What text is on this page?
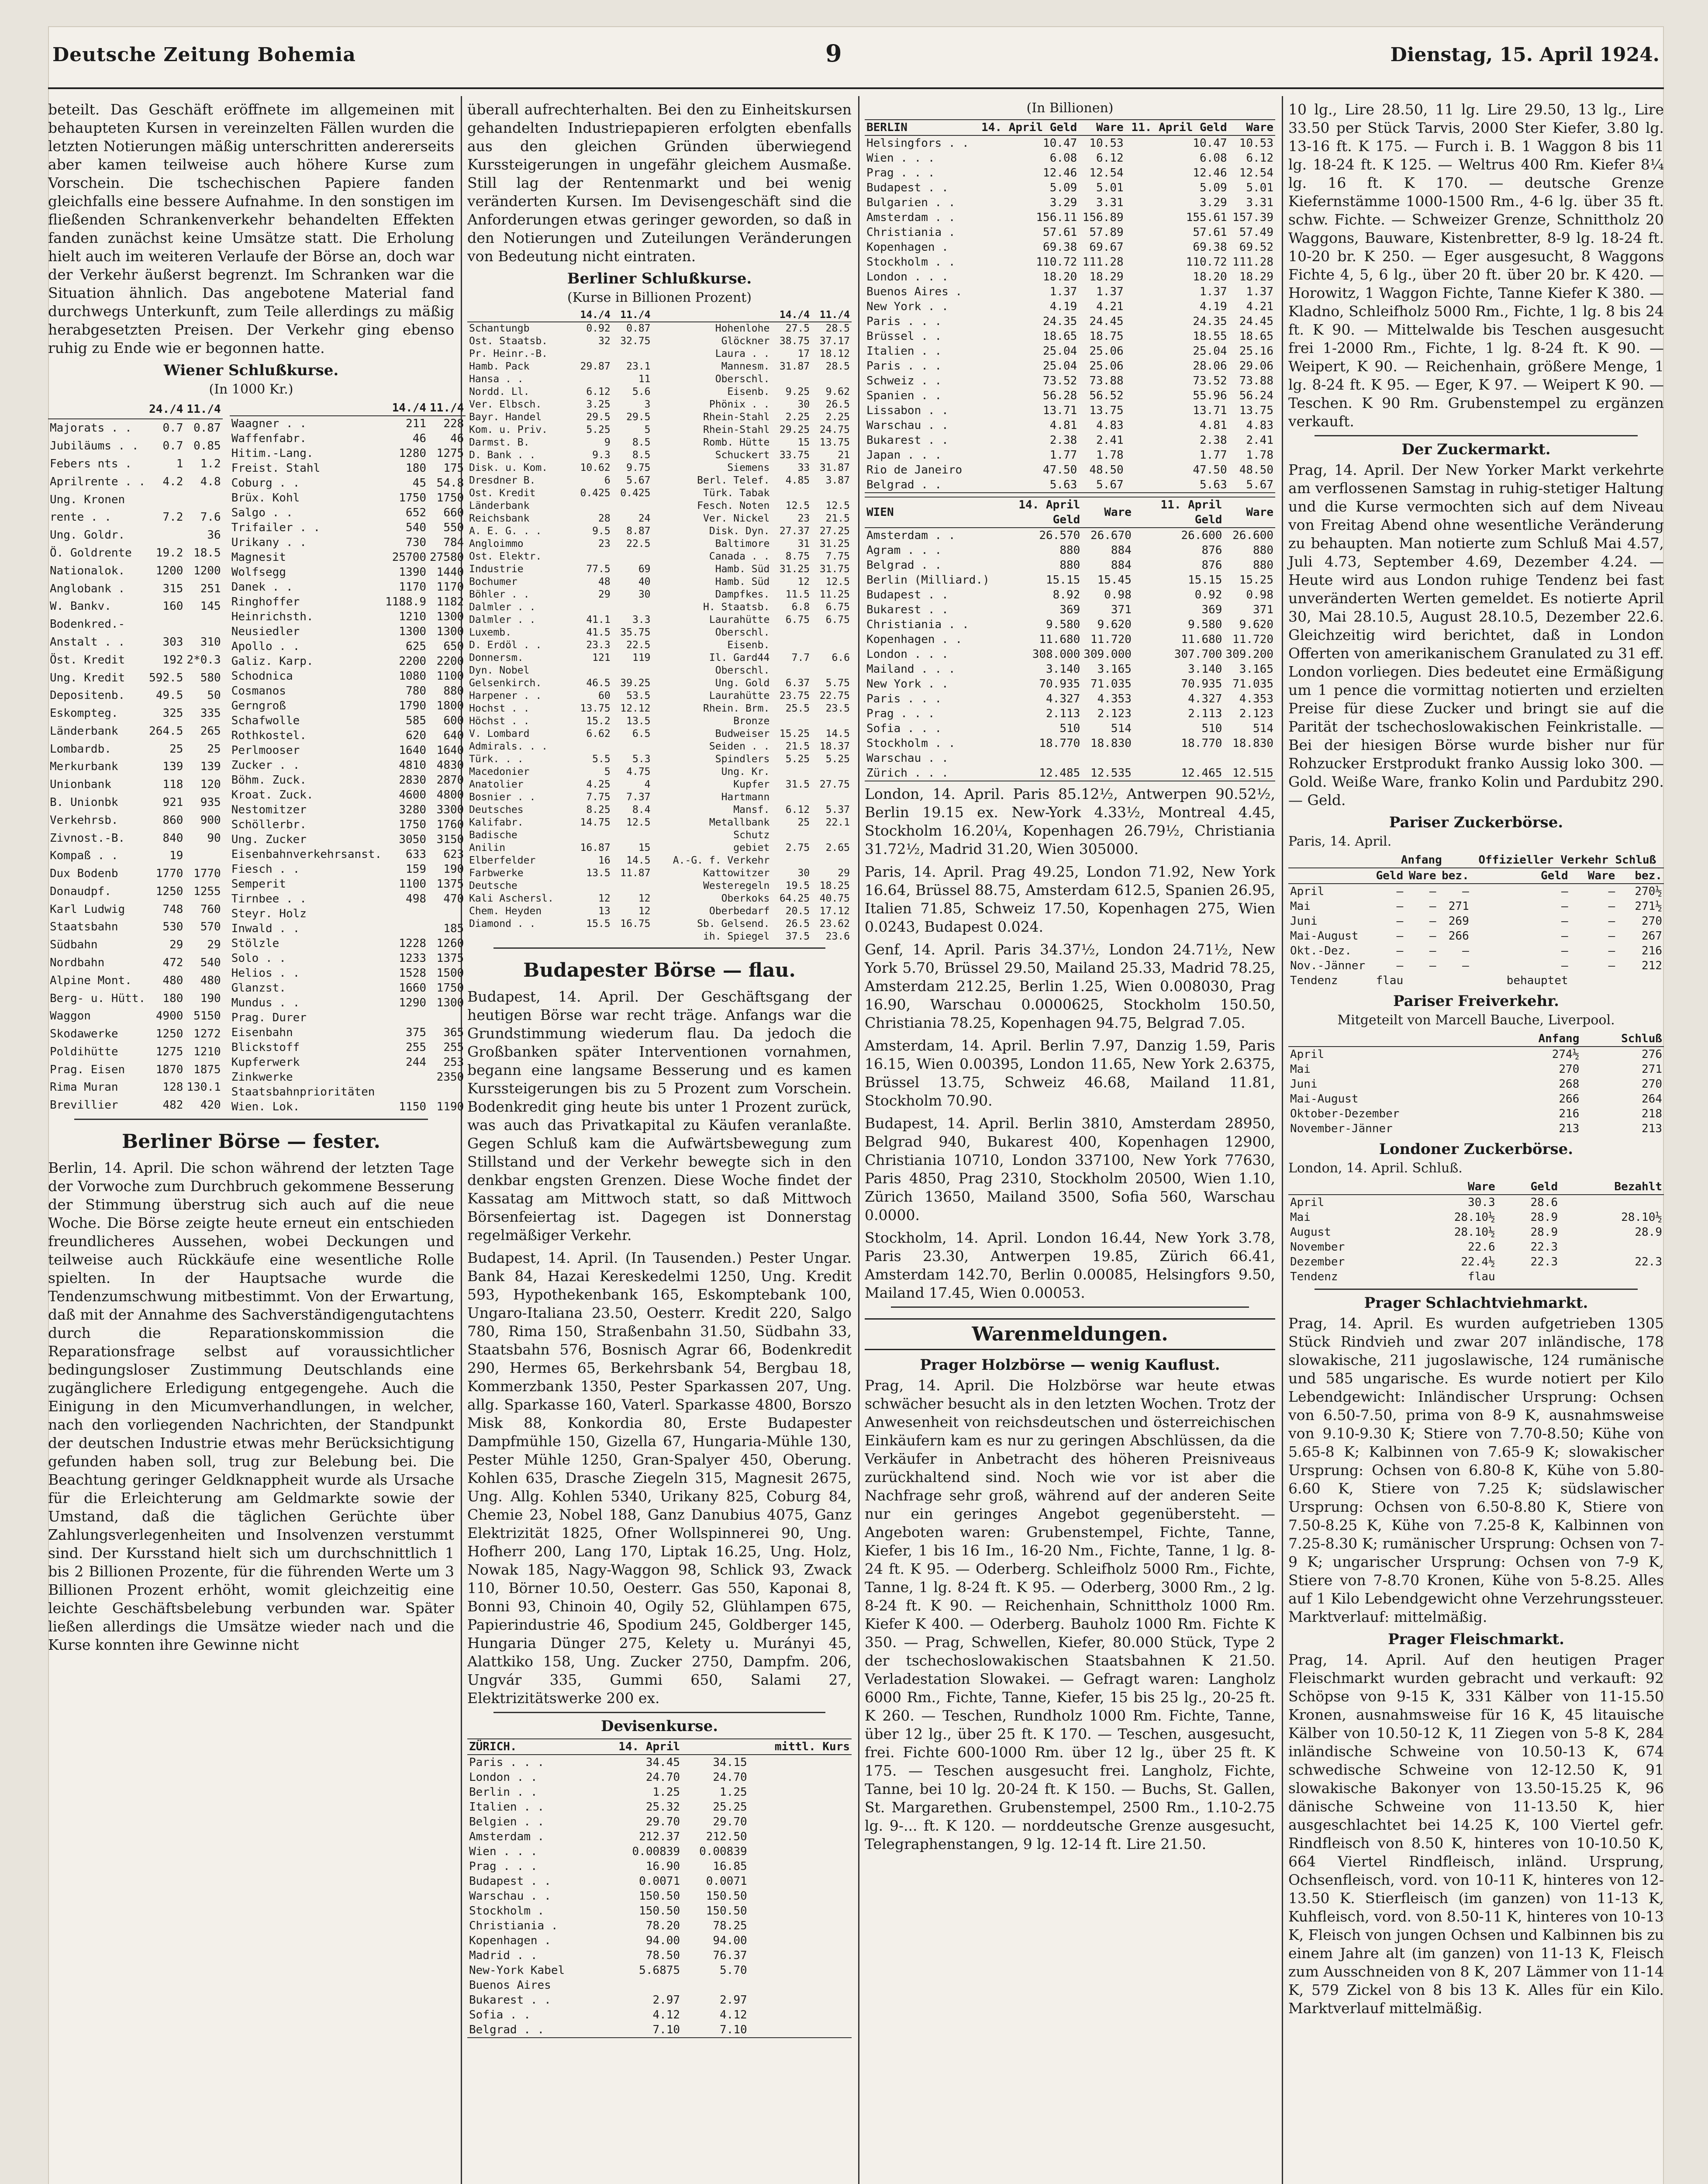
Deutsche Zeitung Bohemia	9	Dienstag, 15. April 1924.

beteilt. Das Geschäft eröffnete im allgemeinen mit behaupteten Kursen in vereinzelten Fällen wurden die letzten Notierungen mäßig unterschritten andererseits aber kamen teilweise auch höhere Kurse zum Vorschein. Die tschechischen Papiere fanden gleichfalls eine bessere Aufnahme. In den sonstigen im fließenden Schrankenverkehr behandelten Effekten fanden zunächst keine Umsätze statt. Die Erholung hielt auch im weiteren Verlaufe der Börse an, doch war der Verkehr äußerst begrenzt. Im Schranken war die Situation ähnlich. Das angebotene Material fand durchwegs Unterkunft, zum Teile allerdings zu mäßig herabgesetzten Preisen. Der Verkehr ging ebenso ruhig zu Ende wie er begonnen hatte.

Wiener Schlußkurse.
(In 1000 Kr.)
	24./4	11./4
Majorats . .	0.7	0.87
Jubiläums . .	0.7	0.85
Febers nts .	1	1.2
Aprilrente . .	4.2	4.8
Ung. Kronen		
rente . .	7.2	7.6
Ung. Goldr.		36
Ö. Goldrente	19.2	18.5
Nationalok.	1200	1200
Anglobank .	315	251
W. Bankv.	160	145
Bodenkred.-		
Anstalt . .	303	310
Öst. Kredit	192	2*0.3
Ung. Kredit	592.5	580
Depositenb.	49.5	50
Eskompteg.	325	335
Länderbank	264.5	265
Lombardb.	25	25
Merkurbank	139	139
Unionbank	118	120
B. Unionbk	921	935
Verkehrsb.	860	900
Zivnost.-B.	840	90
Kompaß . .	19	
Dux Bodenb	1770	1770
Donaudpf.	1250	1255
Karl Ludwig	748	760
Staatsbahn	530	570
Südbahn	29	29
Nordbahn	472	540
Alpine Mont.	480	480
Berg- u. Hütt.	180	190
Waggon	4900	5150
Skodawerke	1250	1272
Poldihütte	1275	1210
Prag. Eisen	1870	1875
Rima Muran	128	130.1
Brevillier	482	420
	14./4	11./4
Waagner . .	211	228
Waffenfabr.	46	46
Hitim.-Lang.	1280	1275
Freist. Stahl	180	175
Coburg . .	45	54.8
Brüx. Kohl	1750	1750
Salgo . .	652	660
Trifailer . .	540	550
Urikany . .	730	784
Magnesit	25700	27580
Wolfsegg	1390	1440
Danek . .	1170	1170
Ringhoffer	1188.9	1182
Heinrichsth.	1210	1300
Neusiedler	1300	1300
Apollo . .	625	650
Galiz. Karp.	2200	2200
Schodnica	1080	1100
Cosmanos	780	880
Gerngroß	1790	1800
Schafwolle	585	600
Rothkostel.	620	640
Perlmooser	1640	1640
Zucker . .	4810	4830
Böhm. Zuck.	2830	2870
Kroat. Zuck.	4600	4800
Nestomitzer	3280	3300
Schöllerbr.	1750	1760
Ung. Zucker	3050	3150
Eisenbahnverkehrsanst.	633	623
Fiesch . .	159	190
Semperit	1100	1375
Tirnbee . .	498	470
Steyr. Holz		
Inwald . .		185
Stölzle	1228	1260
Solo . .	1233	1375
Helios . .	1528	1500
Glanzst.	1660	1750
Mundus . .	1290	1300
Prag. Durer		
Eisenbahn	375	365
Blickstoff	255	255
Kupferwerk	244	253
Zinkwerke		2350
Staatsbahnprioritäten		
Wien. Lok.	1150	1190
Berliner Börse — fester.

Berlin, 14. April. Die schon während der letzten Tage der Vorwoche zum Durchbruch gekommene Besserung der Stimmung überstrug sich auch auf die neue Woche. Die Börse zeigte heute erneut ein entschieden freundlicheres Aussehen, wobei Deckungen und teilweise auch Rückkäufe eine wesentliche Rolle spielten. In der Hauptsache wurde die Tendenzumschwung mitbestimmt. Von der Erwartung, daß mit der Annahme des Sachverständigengutachtens durch die Reparationskommission die Reparationsfrage selbst auf voraussichtlicher bedingungsloser Zustimmung Deutschlands eine zugänglichere Erledigung entgegengehe. Auch die Einigung in den Micumverhandlungen, in welcher, nach den vorliegenden Nachrichten, der Standpunkt der deutschen Industrie etwas mehr Berücksichtigung gefunden haben soll, trug zur Belebung bei. Die Beachtung geringer Geldknappheit wurde als Ursache für die Erleichterung am Geldmarkte sowie der Umstand, daß die täglichen Gerüchte über Zahlungsverlegenheiten und Insolvenzen verstummt sind. Der Kursstand hielt sich um durchschnittlich 1 bis 2 Billionen Prozente, für die führenden Werte um 3 Billionen Prozent erhöht, womit gleichzeitig eine leichte Geschäftsbelebung verbunden war. Später ließen allerdings die Umsätze wieder nach und die Kurse konnten ihre Gewinne nicht

überall aufrechterhalten. Bei den zu Einheitskursen gehandelten Industriepapieren erfolgten ebenfalls aus den gleichen Gründen überwiegend Kurssteigerungen in ungefähr gleichem Ausmaße. Still lag der Rentenmarkt und bei wenig veränderten Kursen. Im Devisengeschäft sind die Anforderungen etwas geringer geworden, so daß in den Notierungen und Zuteilungen Veränderungen von Bedeutung nicht eintraten.

Berliner Schlußkurse.
(Kurse in Billionen Prozent)
	14./4	11./4		14./4	11./4
Schantungb	0.92	0.87	Hohenlohe	27.5	28.5
Ost. Staatsb.	32	32.75	Glöckner	38.75	37.17
Pr. Heinr.-B.			Laura . .	17	18.12
Hamb. Pack	29.87	23.1	Mannesm.	31.87	28.5
Hansa . .		11	Oberschl.		
Nordd. Ll.	6.12	5.6	Eisenb.	9.25	9.62
Ver. Elbsch.	3.25	3	Phönix . .	30	26.5
Bayr. Handel	29.5	29.5	Rhein-Stahl	2.25	2.25
Kom. u. Priv.	5.25	5	Rhein-Stahl	29.25	24.75
Darmst. B.	9	8.5	Romb. Hütte	15	13.75
D. Bank . .	9.3	8.5	Schuckert	33.75	21
Disk. u. Kom.	10.62	9.75	Siemens	33	31.87
Dresdner B.	6	5.67	Berl. Telef.	4.85	3.87
Ost. Kredit	0.425	0.425	Türk. Tabak		
Länderbank			Fesch. Noten	12.5	12.5
Reichsbank	28	24	Ver. Nickel	23	21.5
A. E. G. . .	9.5	8.87	Disk. Dyn.	27.37	27.25
Angloimmo	23	22.5	Baltimore	31	31.25
Ost. Elektr.			Canada . .	8.75	7.75
Industrie	77.5	69	Hamb. Süd	31.25	31.75
Bochumer	48	40	Hamb. Süd	12	12.5
Böhler . .	29	30	Dampfkes.	11.5	11.25
Dalmler . .			H. Staatsb.	6.8	6.75
Dalmler . .	41.1	3.3	Laurahütte	6.75	6.75
Luxemb.	41.5	35.75	Oberschl.		
D. Erdöl . .	23.3	22.5	Eisenb.		
Donnersm.	121	119	Il. Gard44	7.7	6.6
Dyn. Nobel			Oberschl.		
Gelsenkirch.	46.5	39.25	Ung. Gold	6.37	5.75
Harpener . .	60	53.5	Laurahütte	23.75	22.75
Hochst . .	13.75	12.12	Rhein. Brm.	25.5	23.5
Höchst . .	15.2	13.5	Bronze		
V. Lombard	6.62	6.5	Budweiser	15.25	14.5
Admirals. . .			Seiden . .	21.5	18.37
Türk. . .	5.5	5.3	Spindlers	5.25	5.25
Macedonier	5	4.75	Ung. Kr.		
Anatolier	4.25	4	Kupfer	31.5	27.75
Bosnier . .	7.75	7.37	Hartmann		
Deutsches	8.25	8.4	Mansf.	6.12	5.37
Kalifabr.	14.75	12.5	Metallbank	25	22.1
Badische			Schutz		
Anilin	16.87	15	gebiet	2.75	2.65
Elberfelder	16	14.5	A.-G. f. Verkehr		
Farbwerke	13.5	11.87	Kattowitzer	30	29
Deutsche			Westeregeln	19.5	18.25
Kali Aschersl.	12	12	Oberkoks	64.25	40.75
Chem. Heyden	13	12	Oberbedarf	20.5	17.12
Diamond . .	15.5	16.75	Sb. Gelsend.	26.5	23.62
			ih. Spiegel	37.5	23.6
Budapester Börse — flau.

Budapest, 14. April. Der Geschäftsgang der heutigen Börse war recht träge. Anfangs war die Grundstimmung wiederum flau. Da jedoch die Großbanken später Interventionen vornahmen, begann eine langsame Besserung und es kamen Kurssteigerungen bis zu 5 Prozent zum Vorschein. Bodenkredit ging heute bis unter 1 Prozent zurück, was auch das Privatkapital zu Käufen veranlaßte. Gegen Schluß kam die Aufwärtsbewegung zum Stillstand und der Verkehr bewegte sich in den denkbar engsten Grenzen. Diese Woche findet der Kassatag am Mittwoch statt, so daß Mittwoch Börsenfeiertag ist. Dagegen ist Donnerstag regelmäßiger Verkehr.

Budapest, 14. April. (In Tausenden.) Pester Ungar. Bank 84, Hazai Kereskedelmi 1250, Ung. Kredit 593, Hypothekenbank 165, Eskomptebank 100, Ungaro-Italiana 23.50, Oesterr. Kredit 220, Salgo 780, Rima 150, Straßenbahn 31.50, Südbahn 33, Staatsbahn 576, Bosnisch Agrar 66, Bodenkredit 290, Hermes 65, Berkehrsbank 54, Bergbau 18, Kommerzbank 1350, Pester Sparkassen 207, Ung. allg. Sparkasse 160, Vaterl. Sparkasse 4800, Borszo Misk 88, Konkordia 80, Erste Budapester Dampfmühle 150, Gizella 67, Hungaria-Mühle 130, Pester Mühle 1250, Gran-Spalyer 450, Oberung. Kohlen 635, Drasche Ziegeln 315, Magnesit 2675, Ung. Allg. Kohlen 5340, Urikany 825, Coburg 84, Chemie 23, Nobel 188, Ganz Danubius 4075, Ganz Elektrizität 1825, Ofner Wollspinnerei 90, Ung. Hofherr 200, Lang 170, Liptak 16.25, Ung. Holz, Nowak 185, Nagy-Waggon 98, Schlick 93, Zwack 110, Börner 10.50, Oesterr. Gas 550, Kaponai 8, Bonni 93, Chinoin 40, Ogily 52, Glühlampen 675, Papierindustrie 46, Spodium 245, Goldberger 145, Hungaria Dünger 275, Kelety u. Murányi 45, Alattkiko 158, Ung. Zucker 2750, Dampfm. 206, Ungvár 335, Gummi 650, Salami 27, Elektrizitätswerke 200 ex.

Devisenkurse.
ZÜRICH.	14. April		mittl. Kurs
Paris . . .	34.45	34.15	
London . .	24.70	24.70	
Berlin . .	1.25	1.25	
Italien . .	25.32	25.25	
Belgien . .	29.70	29.70	
Amsterdam .	212.37	212.50	
Wien . . .	0.00839	0.00839	
Prag . . .	16.90	16.85	
Budapest . .	0.0071	0.0071	
Warschau . .	150.50	150.50	
Stockholm .	150.50	150.50	
Christiania .	78.20	78.25	
Kopenhagen .	94.00	94.00	
Madrid . .	78.50	76.37	
New-York Kabel	5.6875	5.70	
Buenos Aires			
Bukarest . .	2.97	2.97	
Sofia . .	4.12	4.12	
Belgrad . .	7.10	7.10	
(In Billionen)
BERLIN	14. April Geld	Ware	11. April Geld	Ware
Helsingfors . .	10.47	10.53	10.47	10.53
Wien . . .	6.08	6.12	6.08	6.12
Prag . . .	12.46	12.54	12.46	12.54
Budapest . .	5.09	5.01	5.09	5.01
Bulgarien . .	3.29	3.31	3.29	3.31
Amsterdam . .	156.11	156.89	155.61	157.39
Christiania .	57.61	57.89	57.61	57.49
Kopenhagen .	69.38	69.67	69.38	69.52
Stockholm . .	110.72	111.28	110.72	111.28
London . . .	18.20	18.29	18.20	18.29
Buenos Aires .	1.37	1.37	1.37	1.37
New York . .	4.19	4.21	4.19	4.21
Paris . . .	24.35	24.45	24.35	24.45
Brüssel . .	18.65	18.75	18.55	18.65
Italien . .	25.04	25.06	25.04	25.16
Paris . . .	25.04	25.06	28.06	29.06
Schweiz . .	73.52	73.88	73.52	73.88
Spanien . .	56.28	56.52	55.96	56.24
Lissabon . .	13.71	13.75	13.71	13.75
Warschau . .	4.81	4.83	4.81	4.83
Bukarest . .	2.38	2.41	2.38	2.41
Japan . . .	1.77	1.78	1.77	1.78
Rio de Janeiro	47.50	48.50	47.50	48.50
Belgrad . .	5.63	5.67	5.63	5.67
WIEN	14. April Geld	Ware	11. April Geld	Ware
Amsterdam . .	26.570	26.670	26.600	26.600
Agram . . .	880	884	876	880
Belgrad . .	880	884	876	880
Berlin (Milliard.)	15.15	15.45	15.15	15.25
Budapest . .	8.92	0.98	0.92	0.98
Bukarest . .	369	371	369	371
Christiania . .	9.580	9.620	9.580	9.620
Kopenhagen . .	11.680	11.720	11.680	11.720
London . . .	308.000	309.000	307.700	309.200
Mailand . . .	3.140	3.165	3.140	3.165
New York . .	70.935	71.035	70.935	71.035
Paris . . .	4.327	4.353	4.327	4.353
Prag . . .	2.113	2.123	2.113	2.123
Sofia . . .	510	514	510	514
Stockholm . .	18.770	18.830	18.770	18.830
Warschau . .				
Zürich . . .	12.485	12.535	12.465	12.515

London, 14. April. Paris 85.12½, Antwerpen 90.52½, Berlin 19.15 ex. New-York 4.33½, Montreal 4.45, Stockholm 16.20¼, Kopenhagen 26.79½, Christiania 31.72½, Madrid 31.20, Wien 305000.

Paris, 14. April. Prag 49.25, London 71.92, New York 16.64, Brüssel 88.75, Amsterdam 612.5, Spanien 26.95, Italien 71.85, Schweiz 17.50, Kopenhagen 275, Wien 0.0243, Budapest 0.024.

Genf, 14. April. Paris 34.37½, London 24.71½, New York 5.70, Brüssel 29.50, Mailand 25.33, Madrid 78.25, Amsterdam 212.25, Berlin 1.25, Wien 0.008030, Prag 16.90, Warschau 0.0000625, Stockholm 150.50, Christiania 78.25, Kopenhagen 94.75, Belgrad 7.05.

Amsterdam, 14. April. Berlin 7.97, Danzig 1.59, Paris 16.15, Wien 0.00395, London 11.65, New York 2.6375, Brüssel 13.75, Schweiz 46.68, Mailand 11.81, Stockholm 70.90.

Budapest, 14. April. Berlin 3810, Amsterdam 28950, Belgrad 940, Bukarest 400, Kopenhagen 12900, Christiania 10710, London 337100, New York 77630, Paris 4850, Prag 2310, Stockholm 20500, Wien 1.10, Zürich 13650, Mailand 3500, Sofia 560, Warschau 0.0000.

Stockholm, 14. April. London 16.44, New York 3.78, Paris 23.30, Antwerpen 19.85, Zürich 66.41, Amsterdam 142.70, Berlin 0.00085, Helsingfors 9.50, Mailand 17.45, Wien 0.00053.

Warenmeldungen.
Prager Holzbörse — wenig Kauflust.

Prag, 14. April. Die Holzbörse war heute etwas schwächer besucht als in den letzten Wochen. Trotz der Anwesenheit von reichsdeutschen und österreichischen Einkäufern kam es nur zu geringen Abschlüssen, da die Verkäufer in Anbetracht des höheren Preisniveaus zurückhaltend sind. Noch wie vor ist aber die Nachfrage sehr groß, während auf der anderen Seite nur ein geringes Angebot gegenübersteht. — Angeboten waren: Grubenstempel, Fichte, Tanne, Kiefer, 1 bis 16 Im., 16-20 Nm., Fichte, Tanne, 1 lg. 8-24 ft. K 95. — Oderberg. Schleifholz 5000 Rm., Fichte, Tanne, 1 lg. 8-24 ft. K 95. — Oderberg, 3000 Rm., 2 lg. 8-24 ft. K 90. — Reichenhain, Schnittholz 1000 Rm. Kiefer K 400. — Oderberg. Bauholz 1000 Rm. Fichte K 350. — Prag, Schwellen, Kiefer, 80.000 Stück, Type 2 der tschechoslowakischen Staatsbahnen K 21.50. Verladestation Slowakei. — Gefragt waren: Langholz 6000 Rm., Fichte, Tanne, Kiefer, 15 bis 25 lg., 20-25 ft. K 260. — Teschen, Rundholz 1000 Rm. Fichte, Tanne, über 12 lg., über 25 ft. K 170. — Teschen, ausgesucht, frei. Fichte 600-1000 Rm. über 12 lg., über 25 ft. K 175. — Teschen ausgesucht frei. Langholz, Fichte, Tanne, bei 10 lg. 20-24 ft. K 150. — Buchs, St. Gallen, St. Margarethen. Grubenstempel, 2500 Rm., 1.10-2.75 lg. 9-... ft. K 120. — norddeutsche Grenze ausgesucht, Telegraphenstangen, 9 lg. 12-14 ft. Lire 21.50.

10 lg., Lire 28.50, 11 lg. Lire 29.50, 13 lg., Lire 33.50 per Stück Tarvis, 2000 Ster Kiefer, 3.80 lg. 13-16 ft. K 175. — Furch i. B. 1 Waggon 8 bis 11 lg. 18-24 ft. K 125. — Weltrus 400 Rm. Kiefer 8¼ lg. 16 ft. K 170. — deutsche Grenze Kiefernstämme 1000-1500 Rm., 4-6 lg. über 35 ft. schw. Fichte. — Schweizer Grenze, Schnittholz 20 Waggons, Bauware, Kistenbretter, 8-9 lg. 18-24 ft. 10-20 br. K 250. — Eger ausgesucht, 8 Waggons Fichte 4, 5, 6 lg., über 20 ft. über 20 br. K 420. — Horowitz, 1 Waggon Fichte, Tanne Kiefer K 380. — Kladno, Schleifholz 5000 Rm., Fichte, 1 lg. 8 bis 24 ft. K 90. — Mittelwalde bis Teschen ausgesucht frei 1-2000 Rm., Fichte, 1 lg. 8-24 ft. K 90. — Weipert, K 90. — Reichenhain, größere Menge, 1 lg. 8-24 ft. K 95. — Eger, K 97. — Weipert K 90. — Teschen. K 90 Rm. Grubenstempel zu ergänzen verkauft.

Der Zuckermarkt.

Prag, 14. April. Der New Yorker Markt verkehrte am verflossenen Samstag in ruhig-stetiger Haltung und die Kurse vermochten sich auf dem Niveau von Freitag Abend ohne wesentliche Veränderung zu behaupten. Man notierte zum Schluß Mai 4.57, Juli 4.73, September 4.69, Dezember 4.24. — Heute wird aus London ruhige Tendenz bei fast unveränderten Werten gemeldet. Es notierte April 30, Mai 28.10.5, August 28.10.5, Dezember 22.6. Gleichzeitig wird berichtet, daß in London Offerten von amerikanischem Granulated zu 31 eff. London vorliegen. Dies bedeutet eine Ermäßigung um 1 pence die vormittag notierten und erzielten Preise für diese Zucker und bringt sie auf die Parität der tschechoslowakischen Feinkristalle. — Bei der hiesigen Börse wurde bisher nur für Rohzucker Erstprodukt franko Aussig loko 300. — Gold. Weiße Ware, franko Kolin und Pardubitz 290. — Geld.

Pariser Zuckerbörse.
Paris, 14. April.
	Anfang			Offizieller Verkehr Schluß		
	Geld	Ware	bez.	Geld	Ware	bez.
April	—	—	—	—	—	270½
Mai	—	—	271	—	—	271½
Juni	—	—	269	—	—	270
Mai-August	—	—	266	—	—	267
Okt.-Dez.	—	—	—	—	—	216
Nov.-Jänner	—	—	—	—	—	212
Tendenz	flau			behauptet		
Pariser Freiverkehr.
Mitgeteilt von Marcell Bauche, Liverpool.
	Anfang	Schluß
April	274½	276
Mai	270	271
Juni	268	270
Mai-August	266	264
Oktober-Dezember	216	218
November-Jänner	213	213
Londoner Zuckerbörse.
London, 14. April. Schluß.
	Ware	Geld	Bezahlt
April	30.3	28.6	
Mai	28.10½	28.9	28.10½
August	28.10½	28.9	28.9
November	22.6	22.3	
Dezember	22.4½	22.3	22.3
Tendenz	flau		
Prager Schlachtviehmarkt.

Prag, 14. April. Es wurden aufgetrieben 1305 Stück Rindvieh und zwar 207 inländische, 178 slowakische, 211 jugoslawische, 124 rumänische und 585 ungarische. Es wurde notiert per Kilo Lebendgewicht: Inländischer Ursprung: Ochsen von 6.50-7.50, prima von 8-9 K, ausnahmsweise von 9.10-9.30 K; Stiere von 7.70-8.50; Kühe von 5.65-8 K; Kalbinnen von 7.65-9 K; slowakischer Ursprung: Ochsen von 6.80-8 K, Kühe von 5.80-6.60 K, Stiere von 7.25 K; südslawischer Ursprung: Ochsen von 6.50-8.80 K, Stiere von 7.50-8.25 K, Kühe von 7.25-8 K, Kalbinnen von 7.25-8.30 K; rumänischer Ursprung: Ochsen von 7-9 K; ungarischer Ursprung: Ochsen von 7-9 K, Stiere von 7-8.70 Kronen, Kühe von 5-8.25. Alles auf 1 Kilo Lebendgewicht ohne Verzehrungssteuer. Marktverlauf: mittelmäßig.

Prager Fleischmarkt.

Prag, 14. April. Auf den heutigen Prager Fleischmarkt wurden gebracht und verkauft: 92 Schöpse von 9-15 K, 331 Kälber von 11-15.50 Kronen, ausnahmsweise für 16 K, 45 litauische Kälber von 10.50-12 K, 11 Ziegen von 5-8 K, 284 inländische Schweine von 10.50-13 K, 674 schwedische Schweine von 12-12.50 K, 91 slowakische Bakonyer von 13.50-15.25 K, 96 dänische Schweine von 11-13.50 K, hier ausgeschlachtet bei 14.25 K, 100 Viertel gefr. Rindfleisch von 8.50 K, hinteres von 10-10.50 K, 664 Viertel Rindfleisch, inländ. Ursprung, Ochsenfleisch, vord. von 10-11 K, hinteres von 12-13.50 K. Stierfleisch (im ganzen) von 11-13 K, Kuhfleisch, vord. von 8.50-11 K, hinteres von 10-13 K, Fleisch von jungen Ochsen und Kalbinnen bis zu einem Jahre alt (im ganzen) von 11-13 K, Fleisch zum Ausschneiden von 8 K, 207 Lämmer von 11-14 K, 579 Zickel von 8 bis 13 K. Alles für ein Kilo. Marktverlauf mittelmäßig.
